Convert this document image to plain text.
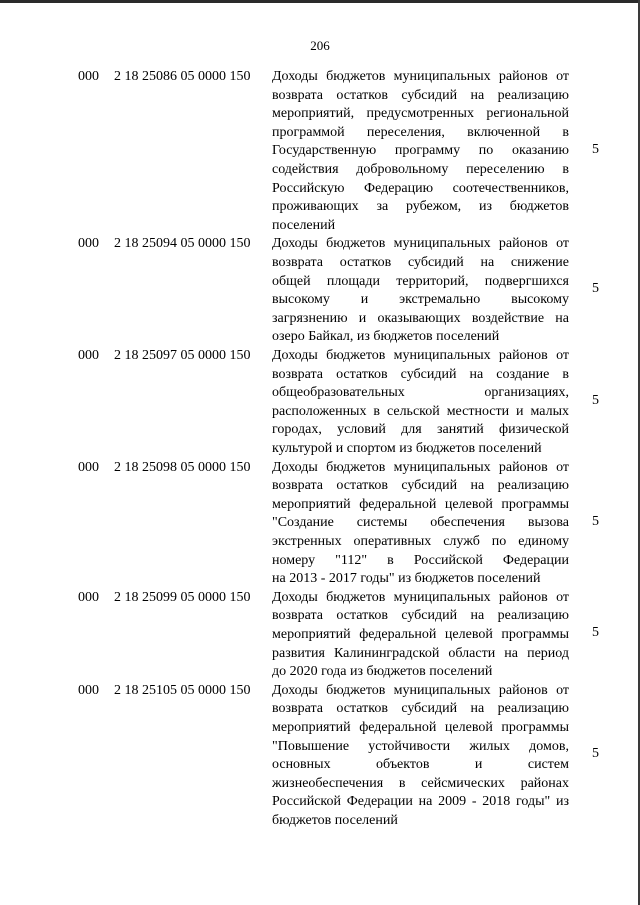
206
000 2 18 25086 05 0000 150 Доходы бюджетов муниципальных районов от
возврата остатков субсидий на реализацию
мероприятий, предусмотренных региональной
программой переселения, включенной в
Государственную программу по оказанию
содействия добровольному переселению в
Российскую Федерацию соотечественников,
проживающих за рубежом, из бюджетов
поселений
5
000 2 18 25094 05 0000 150 Доходы бюджетов муниципальных районов от
возврата остатков субсидий на снижение
общей площади территорий, подвергшихся
высокому и экстремально высокому
загрязнению и оказывающих воздействие на
озеро Байкал, из бюджетов поселений
5
000 2 18 25097 05 0000 150 Доходы бюджетов муниципальных районов от
возврата остатков субсидий на создание в
общеобразовательных организациях,
расположенных в сельской местности и малых
городах, условий для занятий физической
культурой и спортом из бюджетов поселений
5
000 2 18 25098 05 0000 150 Доходы бюджетов муниципальных районов от
возврата остатков субсидий на реализацию
мероприятий федеральной целевой программы
"Создание системы обеспечения вызова
экстренных оперативных служб по единому
номеру "112" в Российской Федерации
на 2013 - 2017 годы" из бюджетов поселений
5
000 2 18 25099 05 0000 150 Доходы бюджетов муниципальных районов от
возврата остатков субсидий на реализацию
мероприятий федеральной целевой программы
развития Калининградской области на период
до 2020 года из бюджетов поселений
5
000 2 18 25105 05 0000 150 Доходы бюджетов муниципальных районов от
возврата остатков субсидий на реализацию
мероприятий федеральной целевой программы
"Повышение устойчивости жилых домов,
основных объектов и систем
жизнеобеспечения в сейсмических районах
Российской Федерации на 2009 - 2018 годы" из
бюджетов поселений
5
